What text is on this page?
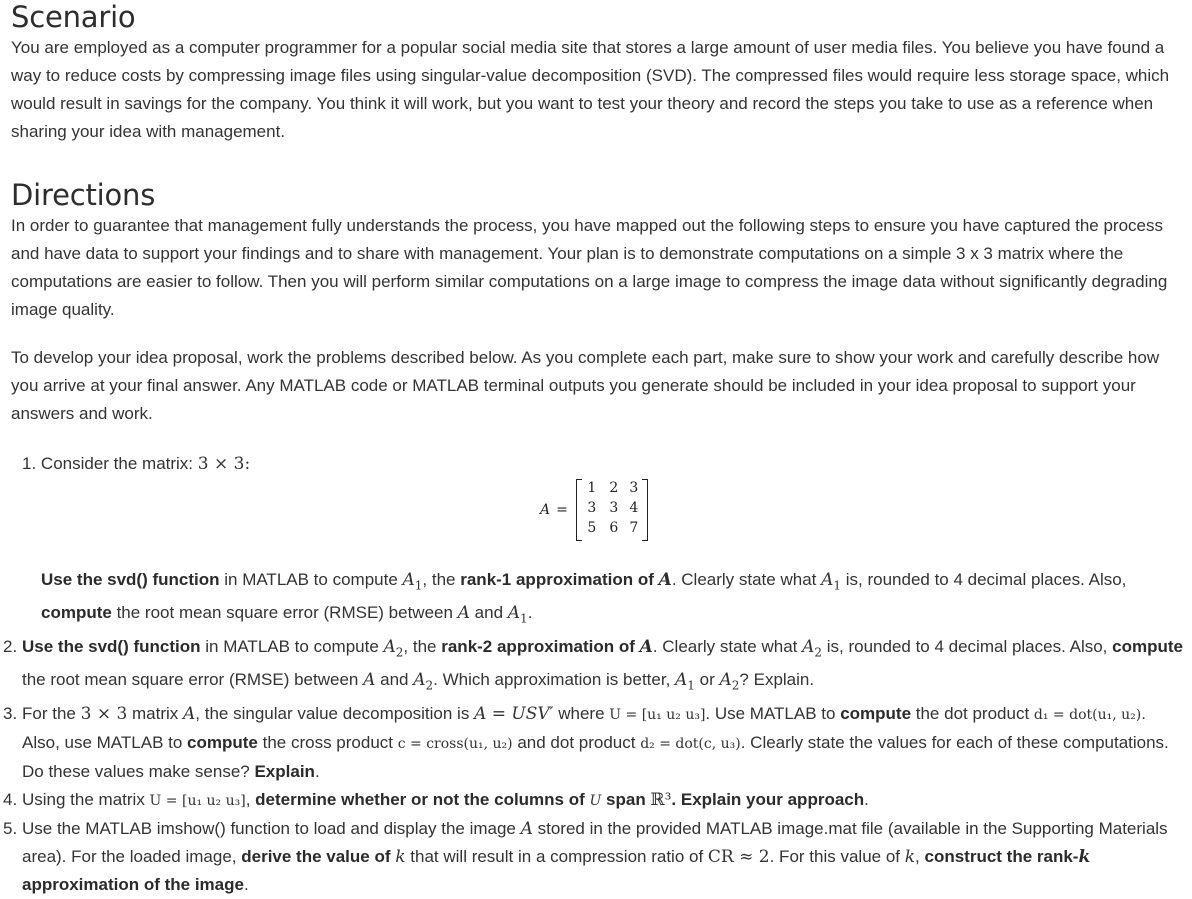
Scenario

You are employed as a computer programmer for a popular social media site that stores a large amount of user media files. You believe you have found a way to reduce costs by compressing image files using singular-value decomposition (SVD). The compressed files would require less storage space, which would result in savings for the company. You think it will work, but you want to test your theory and record the steps you take to use as a reference when sharing your idea with management.

Directions

In order to guarantee that management fully understands the process, you have mapped out the following steps to ensure you have captured the process and have data to support your findings and to share with management. Your plan is to demonstrate computations on a simple 3 x 3 matrix where the computations are easier to follow. Then you will perform similar computations on a large image to compress the image data without significantly degrading image quality.

To develop your idea proposal, work the problems described below. As you complete each part, make sure to show your work and carefully describe how you arrive at your final answer. Any MATLAB code or MATLAB terminal outputs you generate should be included in your idea proposal to support your answers and work.

1. Consider the matrix: 3 × 3:
A =
1 2 3
3 3 4
5 6 7
Use the svd() function in MATLAB to compute $A_1$, the rank-1 approximation of A. Clearly state what $A_1$ is, rounded to 4 decimal places. Also, compute the root mean square error (RMSE) between A and $A_1$.
2. Use the svd() function in MATLAB to compute $A_2$, the rank-2 approximation of A. Clearly state what $A_2$ is, rounded to 4 decimal places. Also, compute the root mean square error (RMSE) between A and $A_2$. Which approximation is better, $A_1$ or $A_2$? Explain.
3. For the 3 × 3 matrix A, the singular value decomposition is A = USV′ where U = [u₁ u₂ u₃]. Use MATLAB to compute the dot product d₁ = dot(u₁, u₂). Also, use MATLAB to compute the cross product c = cross(u₁, u₂) and dot product d₂ = dot(c, u₃). Clearly state the values for each of these computations. Do these values make sense? Explain.
4. Using the matrix U = [u₁ u₂ u₃], determine whether or not the columns of U span ℝ³. Explain your approach.
5. Use the MATLAB imshow() function to load and display the image A stored in the provided MATLAB image.mat file (available in the Supporting Materials area). For the loaded image, derive the value of k that will result in a compression ratio of CR ≈ 2. For this value of k, construct the rank-k approximation of the image.
